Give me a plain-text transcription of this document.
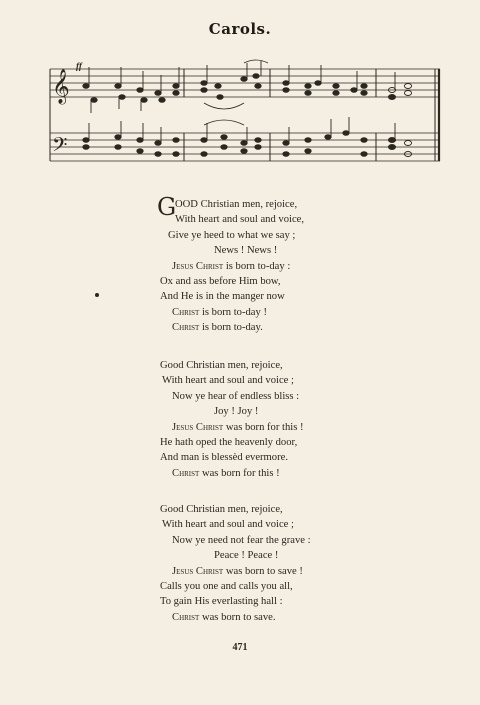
Carols.
𝄞
𝄢
ff
G
OOD Christian men, rejoice,
With heart and soul and voice,
Give ye heed to what we say ;
News ! News !
Jesus Christ is born to-day :
Ox and ass before Him bow,
And He is in the manger now
Christ is born to-day !
Christ is born to-day.
Good Christian men, rejoice,
With heart and soul and voice ;
Now ye hear of endless bliss :
Joy ! Joy !
Jesus Christ was born for this !
He hath oped the heavenly door,
And man is blessèd evermore.
Christ was born for this !
Good Christian men, rejoice,
With heart and soul and voice ;
Now ye need not fear the grave :
Peace ! Peace !
Jesus Christ was born to save !
Calls you one and calls you all,
To gain His everlasting hall :
Christ was born to save.
471
